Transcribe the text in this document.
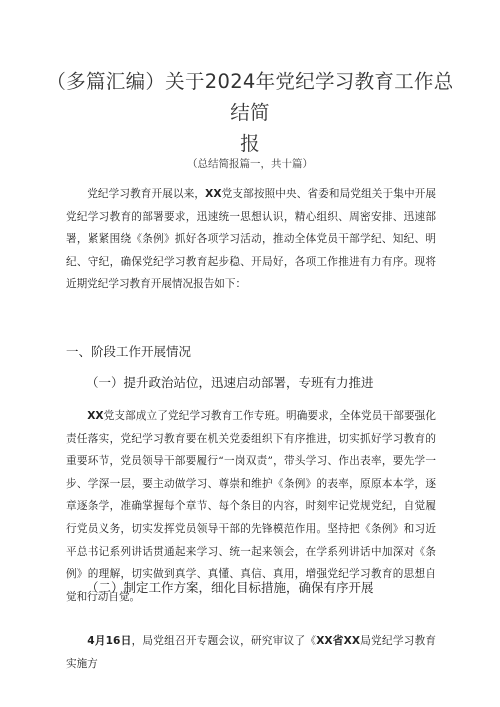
（多篇汇编）关于2024年党纪学习教育工作总结简
报
（总结简报篇一，共十篇）

党纪学习教育开展以来，XX党支部按照中央、省委和局党组关于集中开展党纪学习教育的部署要求，迅速统一思想认识，精心组织、周密安排、迅速部署，紧紧围绕《条例》抓好各项学习活动，推动全体党员干部学纪、知纪、明纪、守纪，确保党纪学习教育起步稳、开局好，各项工作推进有力有序。现将近期党纪学习教育开展情况报告如下：

一、阶段工作开展情况
（一）提升政治站位，迅速启动部署，专班有力推进

XX党支部成立了党纪学习教育工作专班。明确要求，全体党员干部要强化责任落实，党纪学习教育要在机关党委组织下有序推进，切实抓好学习教育的重要环节，党员领导干部要履行“一岗双责”，带头学习、作出表率，要先学一步、学深一层，要主动做学习、尊崇和维护《条例》的表率，原原本本学，逐章逐条学，准确掌握每个章节、每个条目的内容，时刻牢记党规党纪，自觉履行党员义务，切实发挥党员领导干部的先锋模范作用。坚持把《条例》和习近平总书记系列讲话贯通起来学习、统一起来领会，在学系列讲话中加深对《条例》的理解，切实做到真学、真懂、真信、真用，增强党纪学习教育的思想自觉和行动自觉。

（二）制定工作方案，细化目标措施，确保有序开展

4月16日，局党组召开专题会议，研究审议了《XX省XX局党纪学习教育实施方
